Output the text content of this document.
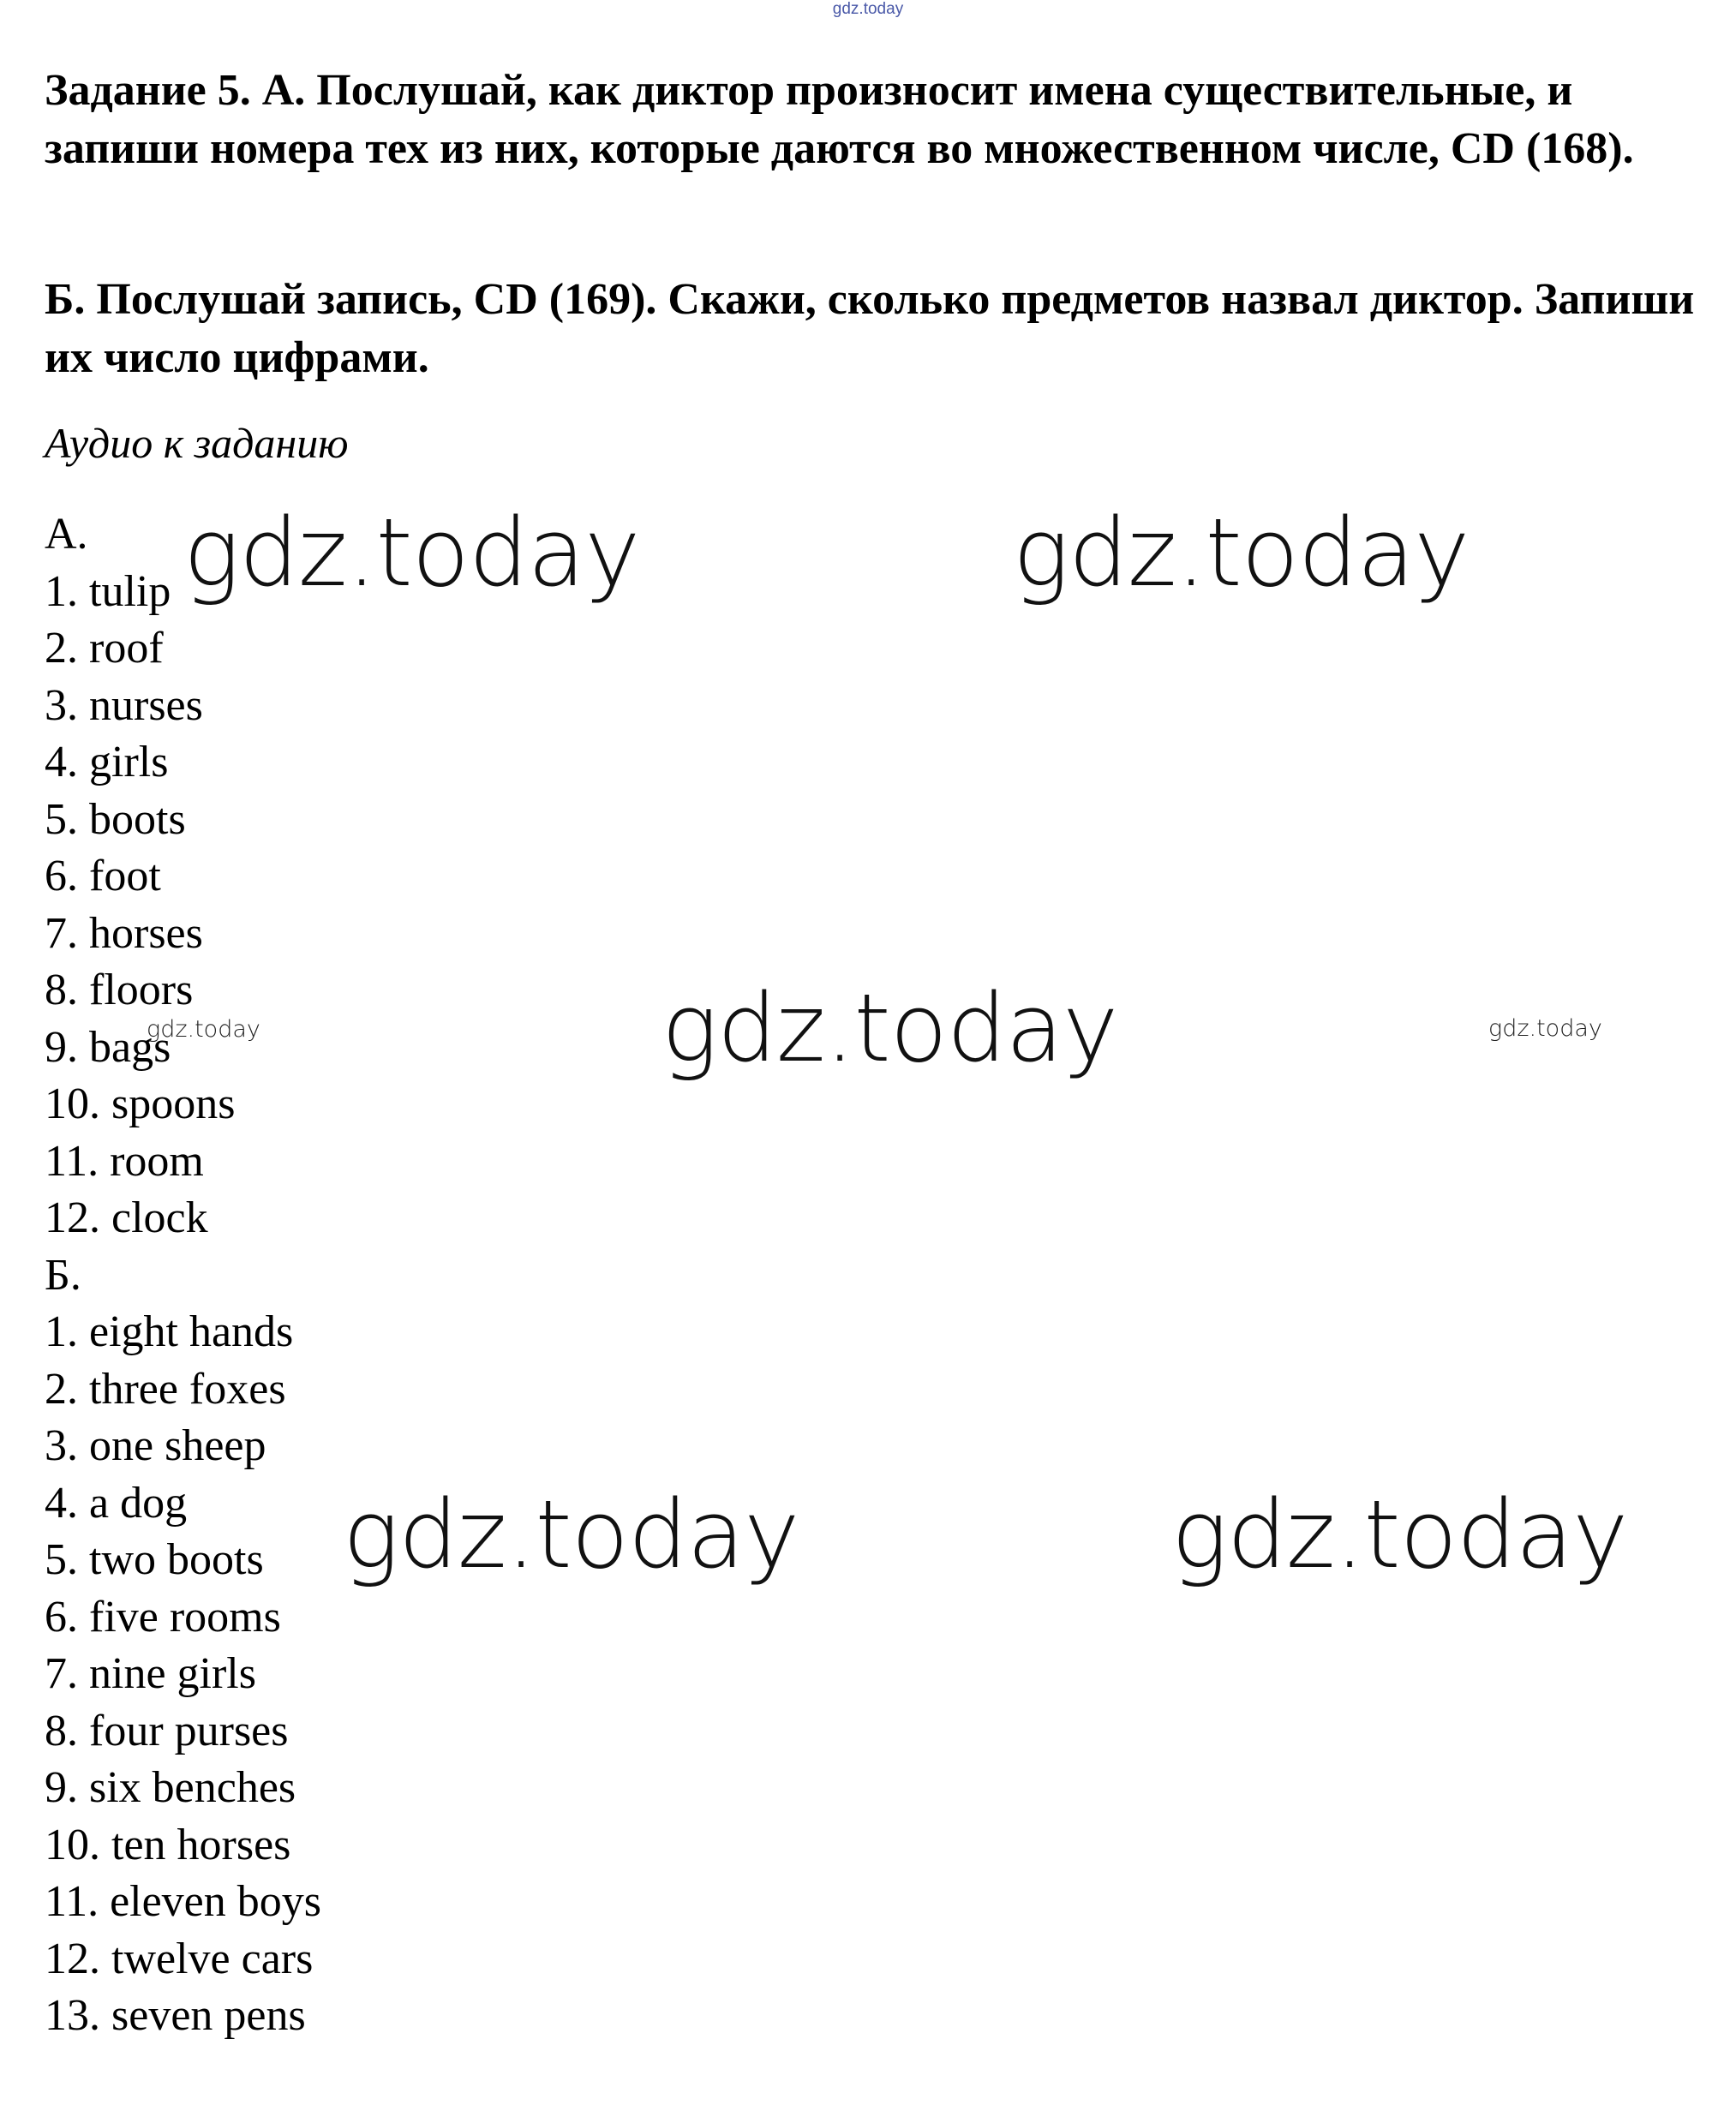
gdz.today
Задание 5. А. Послушай, как диктор произносит имена существительные, и запиши номера тех из них, которые даются во множественном числе, CD (168).
Б. Послушай запись, CD (169). Скажи, сколько предметов назвал диктор. Запиши их число цифрами.
Аудио к заданию
А.
1. tulip
2. roof
3. nurses
4. girls
5. boots
6. foot
7. horses
8. floors
9. bags
10. spoons
11. room
12. clock
Б.
1. eight hands
2. three foxes
3. one sheep
4. a dog
5. two boots
6. five rooms
7. nine girls
8. four purses
9. six benches
10. ten horses
11. eleven boys
12. twelve cars
13. seven pens
gdz.today	gdz.today
gdz.today
gdz.today	gdz.today
gdz.today	gdz.today
